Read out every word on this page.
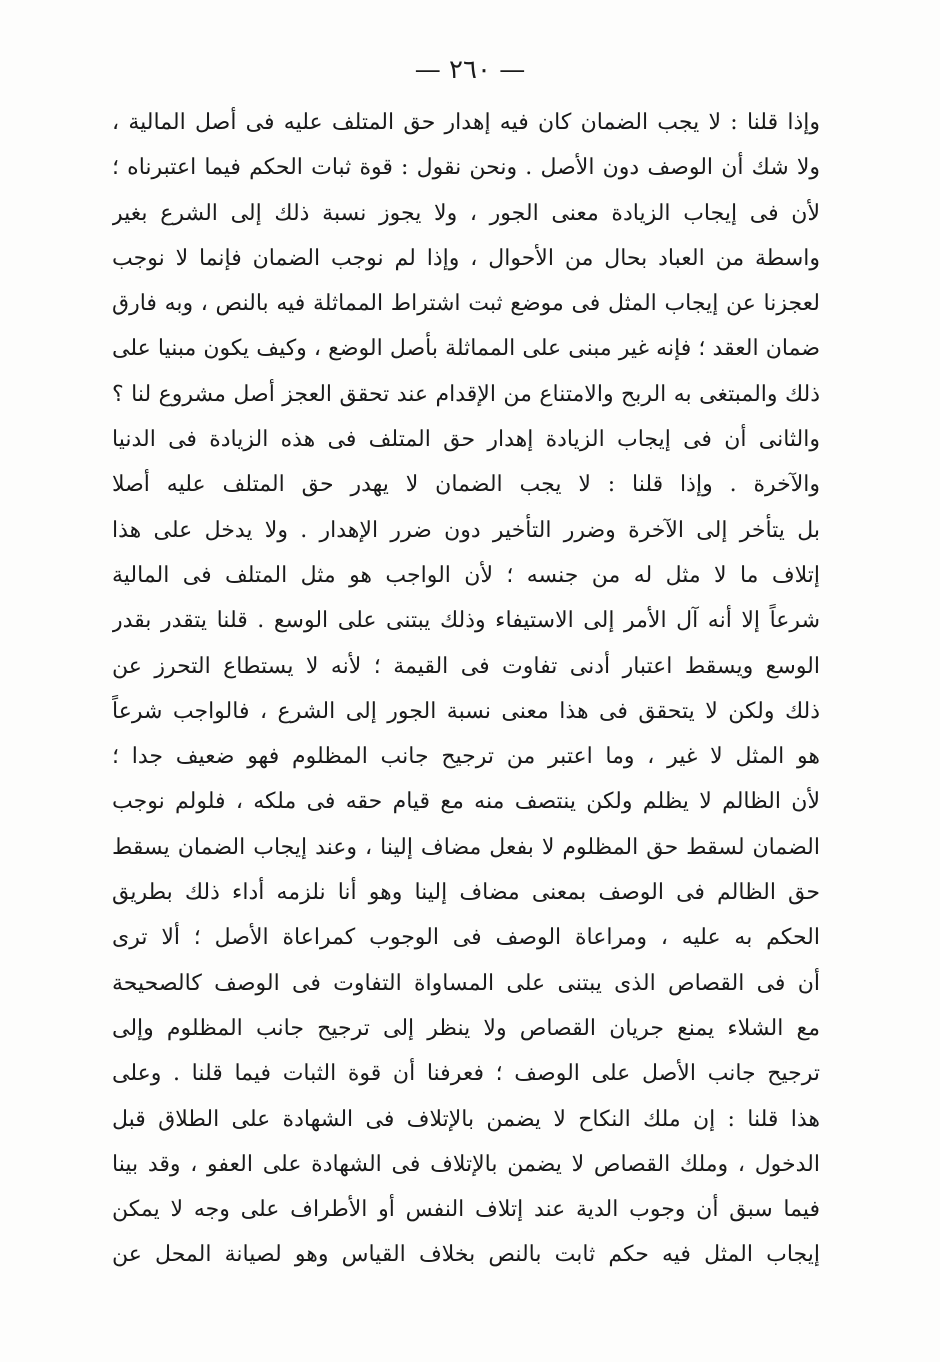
— ٢٦٠ —
وإذا قلنا : لا يجب الضمان كان فيه إهدار حق المتلف عليه فى أصل المالية ،
ولا شك أن الوصف دون الأصل . ونحن نقول : قوة ثبات الحكم فيما اعتبرناه ؛
لأن فى إيجاب الزيادة معنى الجور ، ولا يجوز نسبة ذلك إلى الشرع بغير
واسطة من العباد بحال من الأحوال ، وإذا لم نوجب الضمان فإنما لا نوجب
لعجزنا عن إيجاب المثل فى موضع ثبت اشتراط المماثلة فيه بالنص ، وبه فارق
ضمان العقد ؛ فإنه غير مبنى على المماثلة بأصل الوضع ، وكيف يكون مبنيا على
ذلك والمبتغى به الربح والامتناع من الإقدام عند تحقق العجز أصل مشروع لنا ؟
والثانى أن فى إيجاب الزيادة إهدار حق المتلف فى هذه الزيادة فى الدنيا
والآخرة . وإذا قلنا : لا يجب الضمان لا يهدر حق المتلف عليه أصلا
بل يتأخر إلى الآخرة وضرر التأخير دون ضرر الإهدار . ولا يدخل على هذا
إتلاف ما لا مثل له من جنسه ؛ لأن الواجب هو مثل المتلف فى المالية
شرعاً إلا أنه آل الأمر إلى الاستيفاء وذلك يبتنى على الوسع . قلنا يتقدر بقدر
الوسع ويسقط اعتبار أدنى تفاوت فى القيمة ؛ لأنه لا يستطاع التحرز عن
ذلك ولكن لا يتحقق فى هذا معنى نسبة الجور إلى الشرع ، فالواجب شرعاً
هو المثل لا غير ، وما اعتبر من ترجيح جانب المظلوم فهو ضعيف جدا ؛
لأن الظالم لا يظلم ولكن ينتصف منه مع قيام حقه فى ملكه ، فلولم نوجب
الضمان لسقط حق المظلوم لا بفعل مضاف إلينا ، وعند إيجاب الضمان يسقط
حق الظالم فى الوصف بمعنى مضاف إلينا وهو أنا نلزمه أداء ذلك بطريق
الحكم به عليه ، ومراعاة الوصف فى الوجوب كمراعاة الأصل ؛ ألا ترى
أن فى القصاص الذى يبتنى على المساواة التفاوت فى الوصف كالصحيحة
مع الشلاء يمنع جريان القصاص ولا ينظر إلى ترجيح جانب المظلوم وإلى
ترجيح جانب الأصل على الوصف ؛ فعرفنا أن قوة الثبات فيما قلنا . وعلى
هذا قلنا : إن ملك النكاح لا يضمن بالإتلاف فى الشهادة على الطلاق قبل
الدخول ، وملك القصاص لا يضمن بالإتلاف فى الشهادة على العفو ، وقد بينا
فيما سبق أن وجوب الدية عند إتلاف النفس أو الأطراف على وجه لا يمكن
إيجاب المثل فيه حكم ثابت بالنص بخلاف القياس وهو لصيانة المحل عن
